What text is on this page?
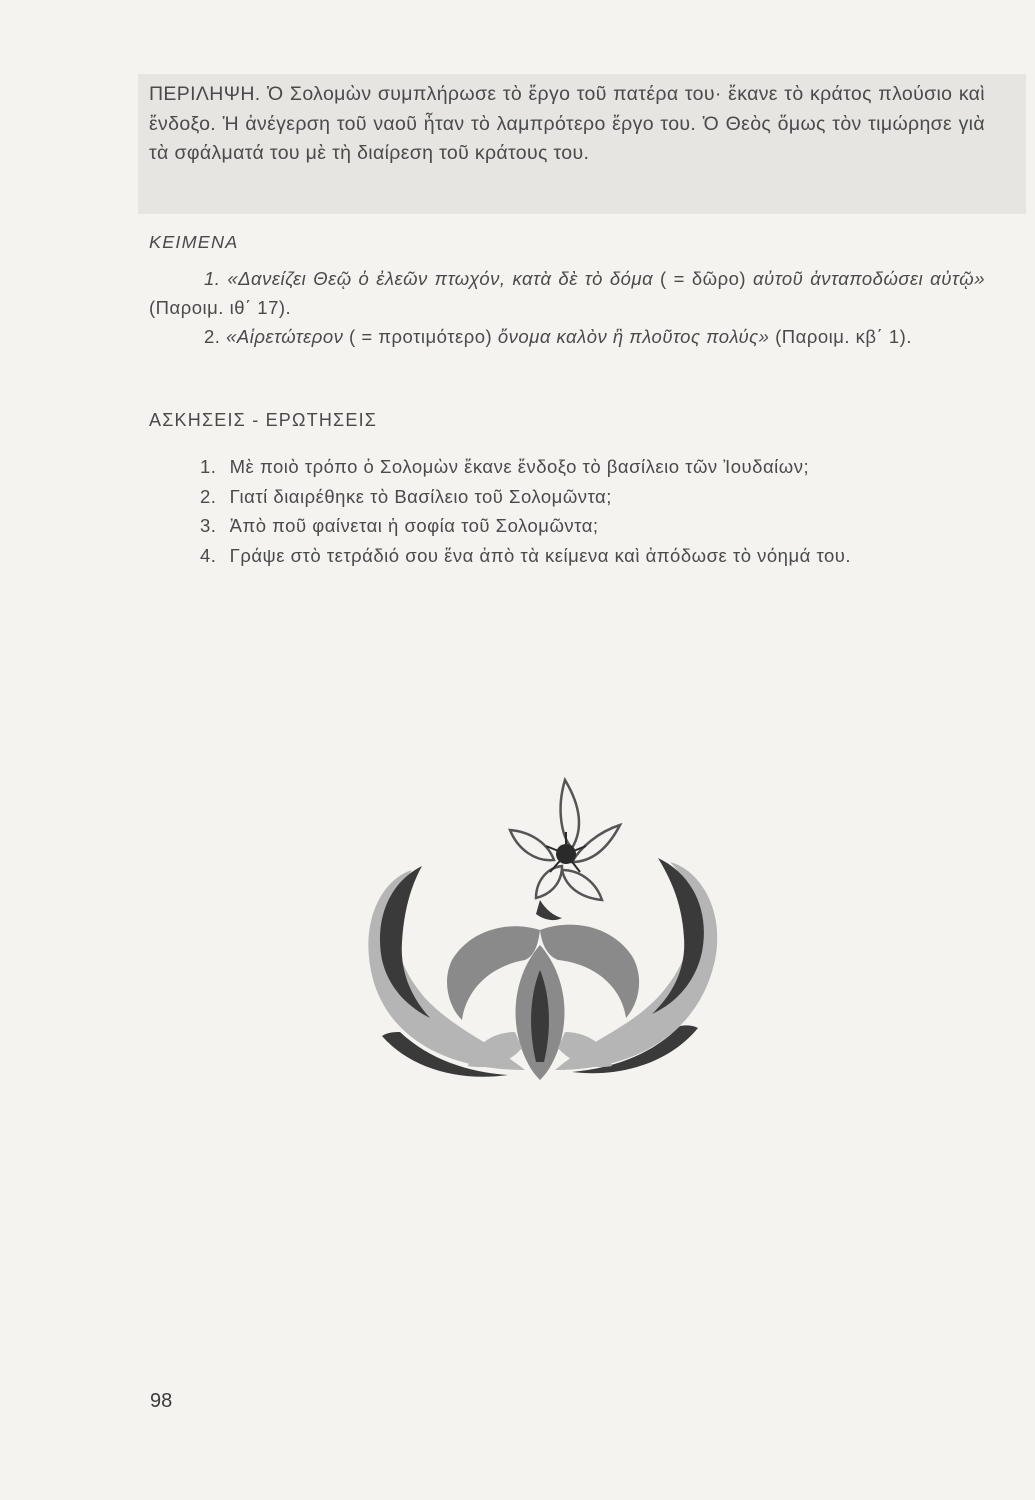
ΠΕΡΙΛΗΨΗ. Ὁ Σολομὼν συμπλήρωσε τὸ ἔργο τοῦ πατέρα του· ἔκανε τὸ κράτος πλούσιο καὶ ἔνδοξο. Ἡ ἀνέγερση τοῦ ναοῦ ἦταν τὸ λαμπρότερο ἔργο του. Ὁ Θεὸς ὅμως τὸν τιμώρησε γιὰ τὰ σφάλματά του μὲ τὴ διαίρεση τοῦ κράτους του.

ΚΕΙΜΕΝΑ

1. «Δανείζει Θεῷ ὁ ἐλεῶν πτωχόν, κατὰ δὲ τὸ δόμα ( = δῶρο) αὐτοῦ ἀνταποδώσει αὐτῷ» (Παροιμ. ιθ΄ 17).

2. «Αἱρετώτερον ( = προτιμότερο) ὄνομα καλὸν ἢ πλοῦτος πολύς» (Παροιμ. κβ΄ 1).

ΑΣΚΗΣΕΙΣ - ΕΡΩΤΗΣΕΙΣ
1. Μὲ ποιὸ τρόπο ὁ Σολομὼν ἔκανε ἔνδοξο τὸ βασίλειο τῶν Ἰουδαίων;
2. Γιατί διαιρέθηκε τὸ Βασίλειο τοῦ Σολομῶντα;
3. Ἀπὸ ποῦ φαίνεται ἡ σοφία τοῦ Σολομῶντα;
4. Γράψε στὸ τετράδιό σου ἕνα ἀπὸ τὰ κείμενα καὶ ἀπόδωσε τὸ νόημά του.

98
